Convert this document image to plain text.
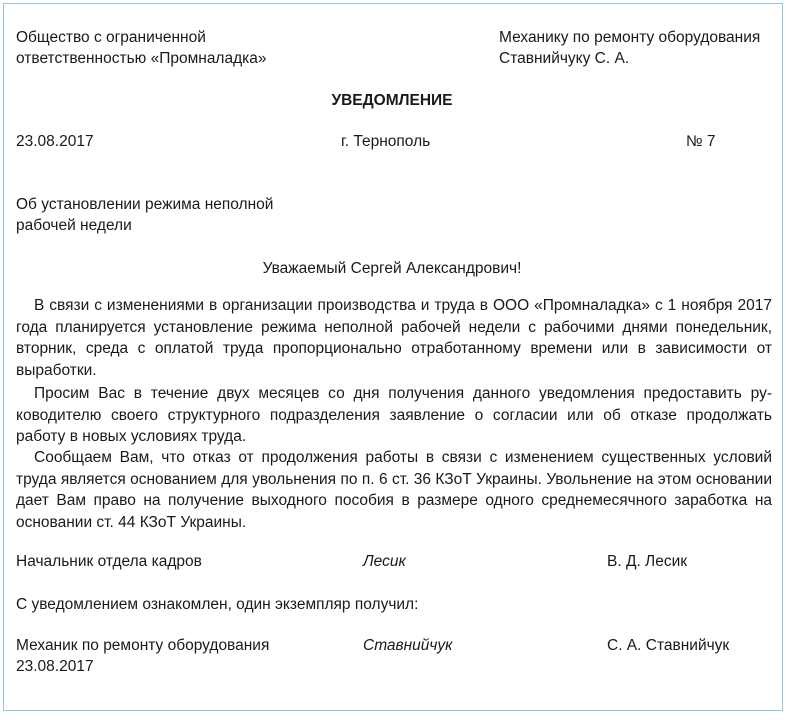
Общество с ограниченной
ответственностью «Промналадка»
Механику по ремонту оборудования
Ставнийчуку С. А.
УВЕДОМЛЕНИЕ
23.08.2017	г. Тернополь	№ 7
Об установлении режима неполной
рабочей недели
Уважаемый Сергей Александрович!
В связи с изменениями в организации производства и труда в ООО «Промналадка» с 1 ноября 2017 года планируется установление режима неполной рабочей недели с рабочими днями понедельник, вторник, среда с оплатой труда пропорционально отработанному времени или в зависимости от выработки.
Просим Вас в течение двух месяцев со дня получения данного уведомления предоставить руководителю своего структурного подразделения заявление о согласии или об отказе продолжать работу в новых условиях труда.
Сообщаем Вам, что отказ от продолжения работы в связи с изменением существенных условий труда является основанием для увольнения по п. 6 ст. 36 КЗоТ Украины. Увольнение на этом основании дает Вам право на получение выходного пособия в размере одного среднемесячного заработка на основании ст. 44 КЗоТ Украины.
Начальник отдела кадров	Лесик	В. Д. Лесик
С уведомлением ознакомлен, один экземпляр получил:
Механик по ремонту оборудования	Ставнийчук	С. А. Ставнийчук
23.08.2017
